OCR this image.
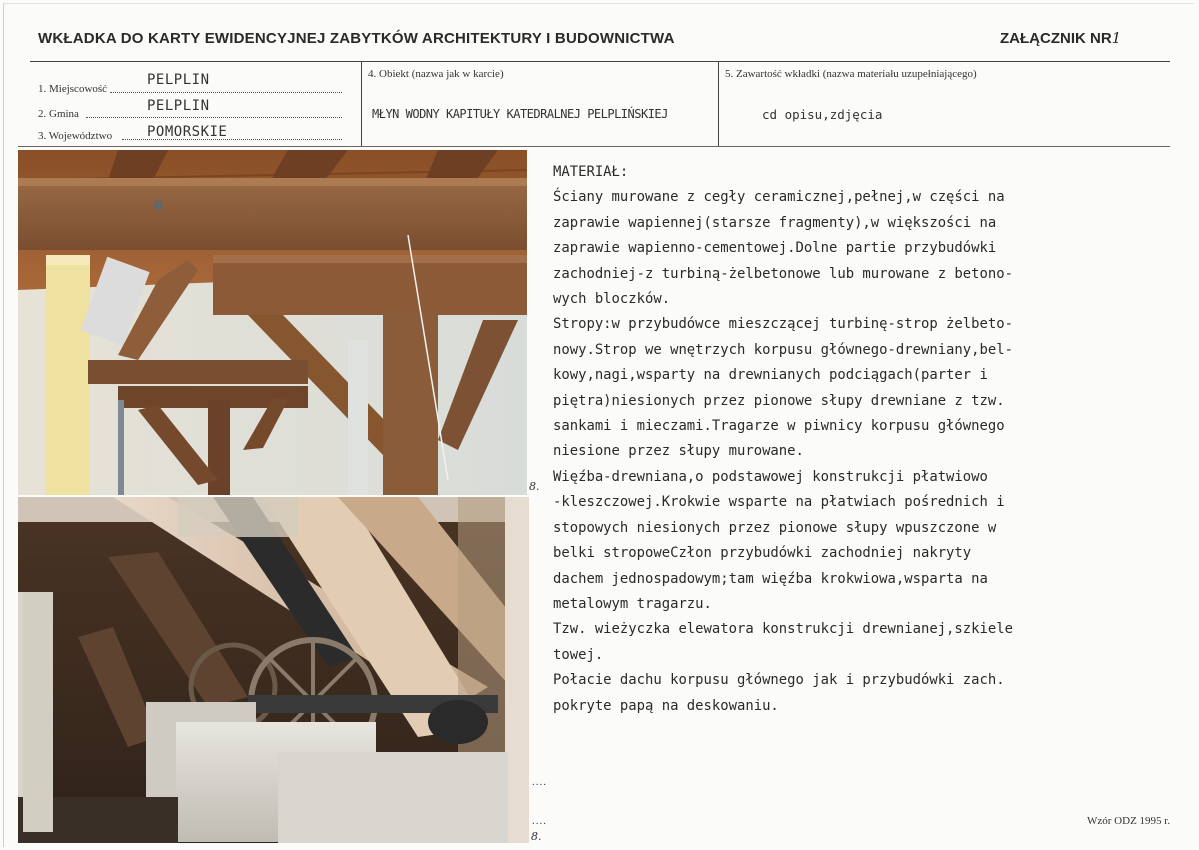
WKŁADKA DO KARTY EWIDENCYJNEJ ZABYTKÓW ARCHITEKTURY I BUDOWNICTWA	ZAŁĄCZNIK NR1
1. Miejscowość
PELPLIN
2. Gmina	PELPLIN
3. Województwo POMORSKIE
4. Obiekt (nazwa jak w karcie)
MŁYN WODNY KAPITUŁY KATEDRALNEJ PELPLIŃSKIEJ
5. Zawartość wkładki (nazwa materiału uzupełniającego)
cd opisu,zdjęcia
8.
8.

MATERIAŁ:

Ściany murowane z cegły ceramicznej,pełnej,w części na

zaprawie wapiennej(starsze fragmenty),w większości na

zaprawie wapienno-cementowej.Dolne partie przybudówki

zachodniej-z turbiną-żelbetonowe lub murowane z betono-

wych bloczków.

Stropy:w przybudówce mieszczącej turbinę-strop żelbeto-

nowy.Strop we wnętrzych korpusu głównego-drewniany,bel-

kowy,nagi,wsparty na drewnianych podciągach(parter i

piętra)niesionych przez pionowe słupy drewniane z tzw.

sankami i mieczami.Tragarze w piwnicy korpusu głównego

niesione przez słupy murowane.

Więźba-drewniana,o podstawowej konstrukcji płatwiowo

-kleszczowej.Krokwie wsparte na płatwiach pośrednich i

stopowych niesionych przez pionowe słupy wpuszczone w

belki stropoweCzłon przybudówki zachodniej nakryty

dachem jednospadowym;tam więźba krokwiowa,wsparta na

metalowym tragarzu.

Tzw. wieżyczka elewatora konstrukcji drewnianej,szkiele

towej.

Połacie dachu korpusu głównego jak i przybudówki zach.

pokryte papą na deskowaniu.

....
....	Wzór ODZ 1995 r.
